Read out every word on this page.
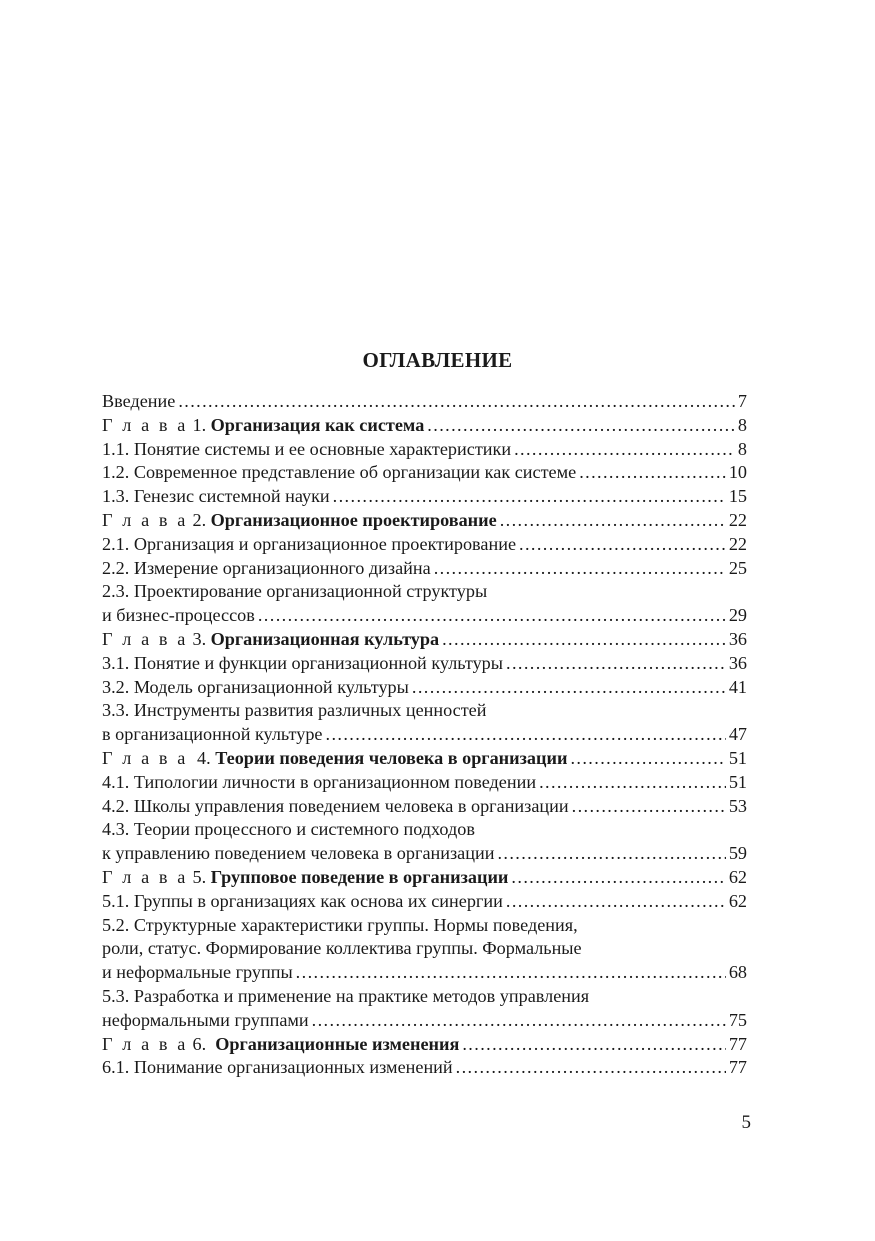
ОГЛАВЛЕНИЕ
Введение .....	7
Г л а в а 1. Организация как система .....	8
1.1. Понятие системы и ее основные характеристики .....	8
1.2. Современное представление об организации как системе .....	10
1.3. Генезис системной науки .....	15
Г л а в а 2. Организационное проектирование .....	22
2.1. Организация и организационное проектирование .....	22
2.2. Измерение организационного дизайна .....	25
2.3. Проектирование организационной структуры
и бизнес-процессов .....	29
Г л а в а 3. Организационная культура .....	36
3.1. Понятие и функции организационной культуры .....	36
3.2. Модель организационной культуры .....	41
3.3. Инструменты развития различных ценностей
в организационной культуре .....	47
Г л а в а 4. Теории поведения человека в организации .....	51
4.1. Типологии личности в организационном поведении .....	51
4.2. Школы управления поведением человека в организации .....	53
4.3. Теории процессного и системного подходов
к управлению поведением человека в организации .....	59
Г л а в а 5. Групповое поведение в организации .....	62
5.1. Группы в организациях как основа их синергии .....	62
5.2. Структурные характеристики группы. Нормы поведения,
роли, статус. Формирование коллектива группы. Формальные
и неформальные группы .....	68
5.3. Разработка и применение на практике методов управления
неформальными группами .....	75
Г л а в а 6. Организационные изменения .....	77
6.1. Понимание организационных изменений .....	77
5
